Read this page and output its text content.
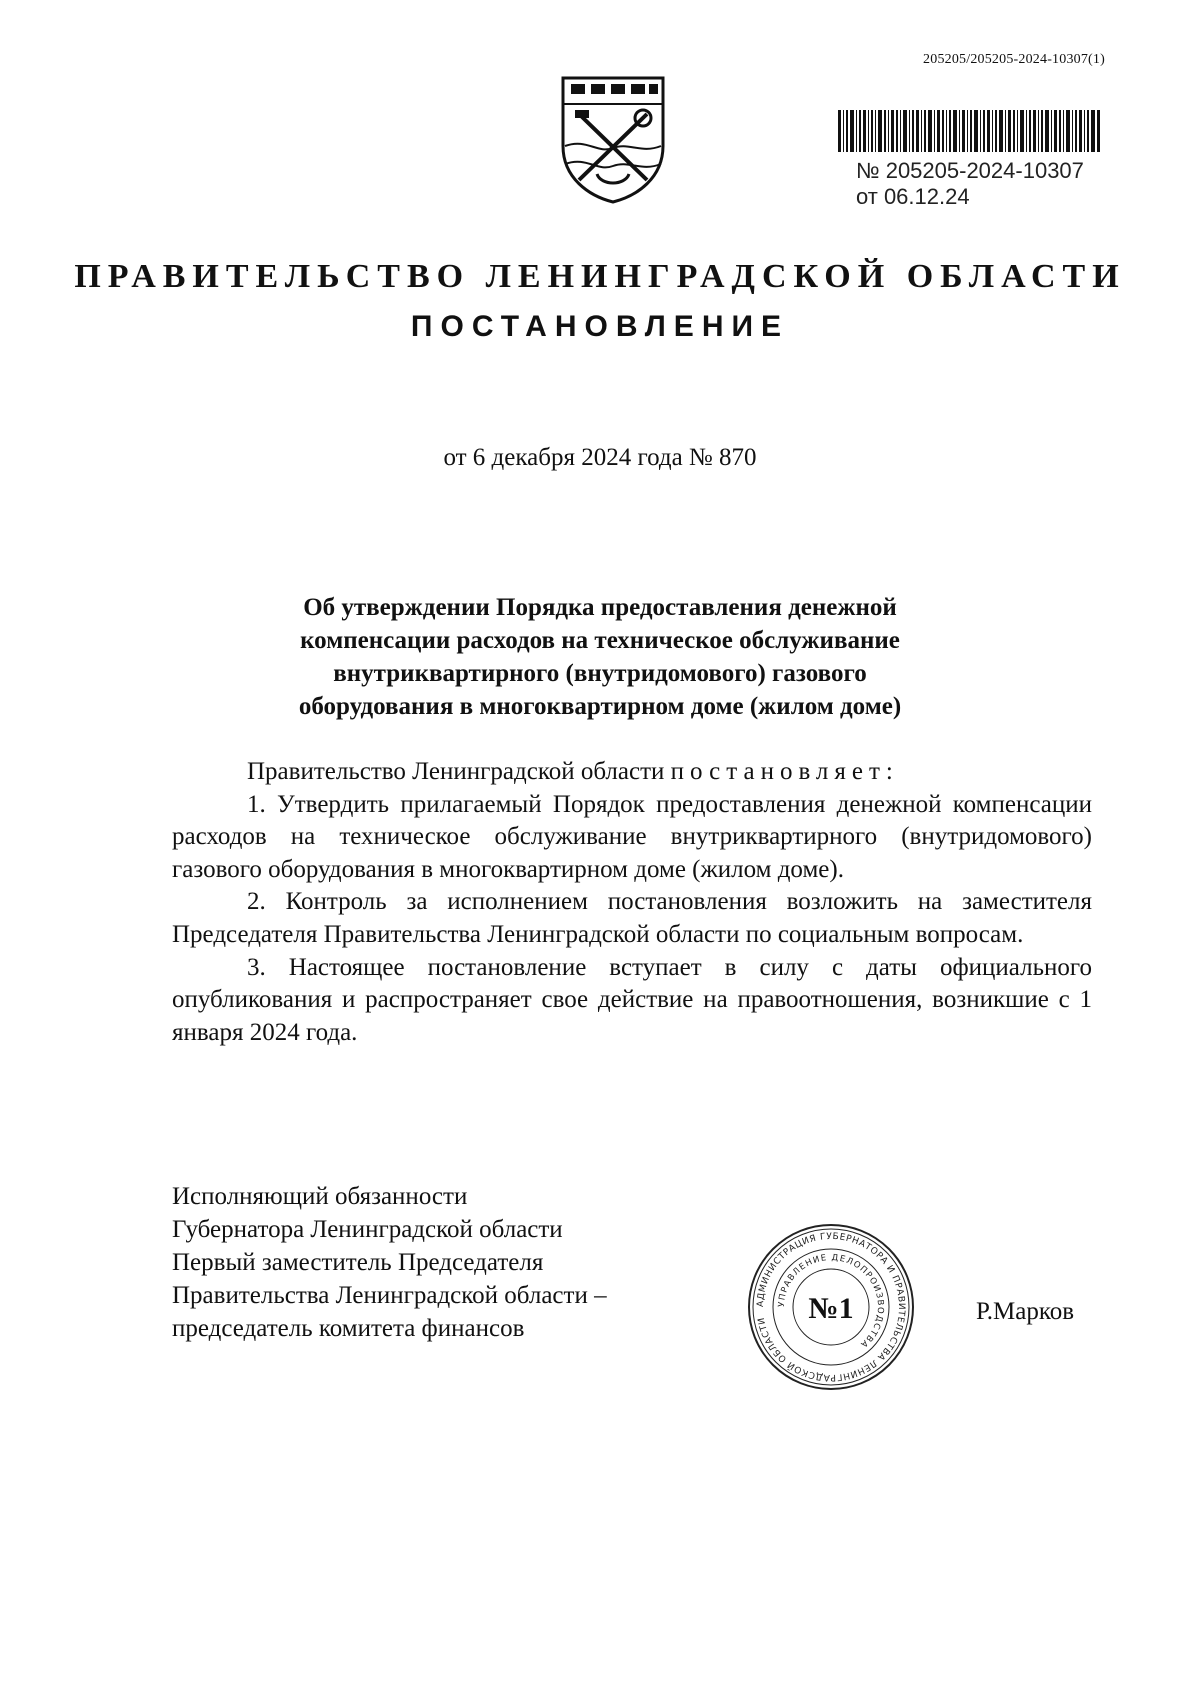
205205/205205-2024-10307(1)
№ 205205-2024-10307
от 06.12.24
ПРАВИТЕЛЬСТВО ЛЕНИНГРАДСКОЙ ОБЛАСТИ
ПОСТАНОВЛЕНИЕ
от 6 декабря 2024 года № 870
Об утверждении Порядка предоставления денежной
компенсации расходов на техническое обслуживание
внутриквартирного (внутридомового) газового
оборудования в многоквартирном доме (жилом доме)

Правительство Ленинградской области постановляет:

1. Утвердить прилагаемый Порядок предоставления денежной компенсации расходов на техническое обслуживание внутриквартирного (внутридомового) газового оборудования в многоквартирном доме (жилом доме).

2. Контроль за исполнением постановления возложить на заместителя Председателя Правительства Ленинградской области по социальным вопросам.

3. Настоящее постановление вступает в силу с даты официального опубликования и распространяет свое действие на правоотношения, возникшие с 1 января 2024 года.

Исполняющий обязанности
Губернатора Ленинградской области
Первый заместитель Председателя
Правительства Ленинградской области –
председатель комитета финансов
АДМИНИСТРАЦИЯ ГУБЕРНАТОРА И ПРАВИТЕЛЬСТВА ЛЕНИНГРАДСКОЙ ОБЛАСТИ
УПРАВЛЕНИЕ ДЕЛОПРОИЗВОДСТВА
№1	Р.Марков
